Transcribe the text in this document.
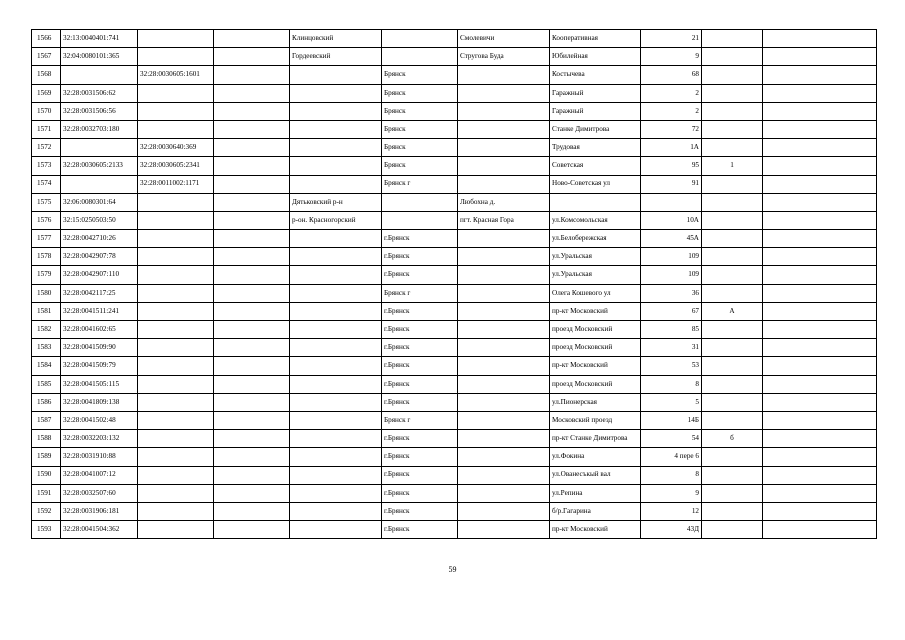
1566	32:13:0040401:741			Клинцовский		Смолевичи	Кооперативная	21		
1567	32:04:0080101:365			Гордеевский		Струговa Буда	Юбилейная	9		
1568		32:28:0030605:1601			Брянск		Костычева	68		
1569	32:28:0031506:62				Брянск		Гаражный	2		
1570	32:28:0031506:56				Брянск		Гаражный	2		
1571	32:28:0032703:180				Брянск		Станке Димитрова	72		
1572		32:28:0030640:369			Брянск		Трудовая	1А		
1573	32:28:0030605:2133	32:28:0030605:2341			Брянск		Советская	95	1	
1574		32:28:0011002:1171			Брянск г		Ново-Советская ул	91		
1575	32:06:0080301:64			Дятьковский р-н		Любохна д.				
1576	32:15:0250503:50			р-он. Красногорский		пгт. Красная Гора	ул.Комсомольская	10А		
1577	32:28:0042710:26				г.Брянск		ул.Белобережская	45А		
1578	32:28:0042907:78				г.Брянск		ул.Уральская	109		
1579	32:28:0042907:110				г.Брянск		ул.Уральская	109		
1580	32:28:0042117:25				Брянск г		Олега Кошевого ул	36		
1581	32:28:0041511:241				г.Брянск		пр-кт Московский	67	А	
1582	32:28:0041602:65				г.Брянск		проезд Московский	85		
1583	32:28:0041509:90				г.Брянск		проезд Московский	31		
1584	32:28:0041509:79				г.Брянск		пр-кт Московский	53		
1585	32:28:0041505:115				г.Брянск		проезд Московский	8		
1586	32:28:0041809:138				г.Брянск		ул.Пионерская	5		
1587	32:28:0041502:48				Брянск г		Московский проезд	14Б		
1588	32:28:0032203:132				г.Брянск		пр-кт Станке Димитрова	54	б	
1589	32:28:0031910:88				г.Брянск		ул.Фокина	4 пере 6		
1590	32:28:0041007:12				г.Брянск		ул.Ованесъкый вал	8		
1591	32:28:0032507:60				г.Брянск		ул.Репина	9		
1592	32:28:0031906:181				г.Брянск		б/р.Гагарина	12		
1593	32:28:0041504:362				г.Брянск		пр-кт Московский	43Д		
59
